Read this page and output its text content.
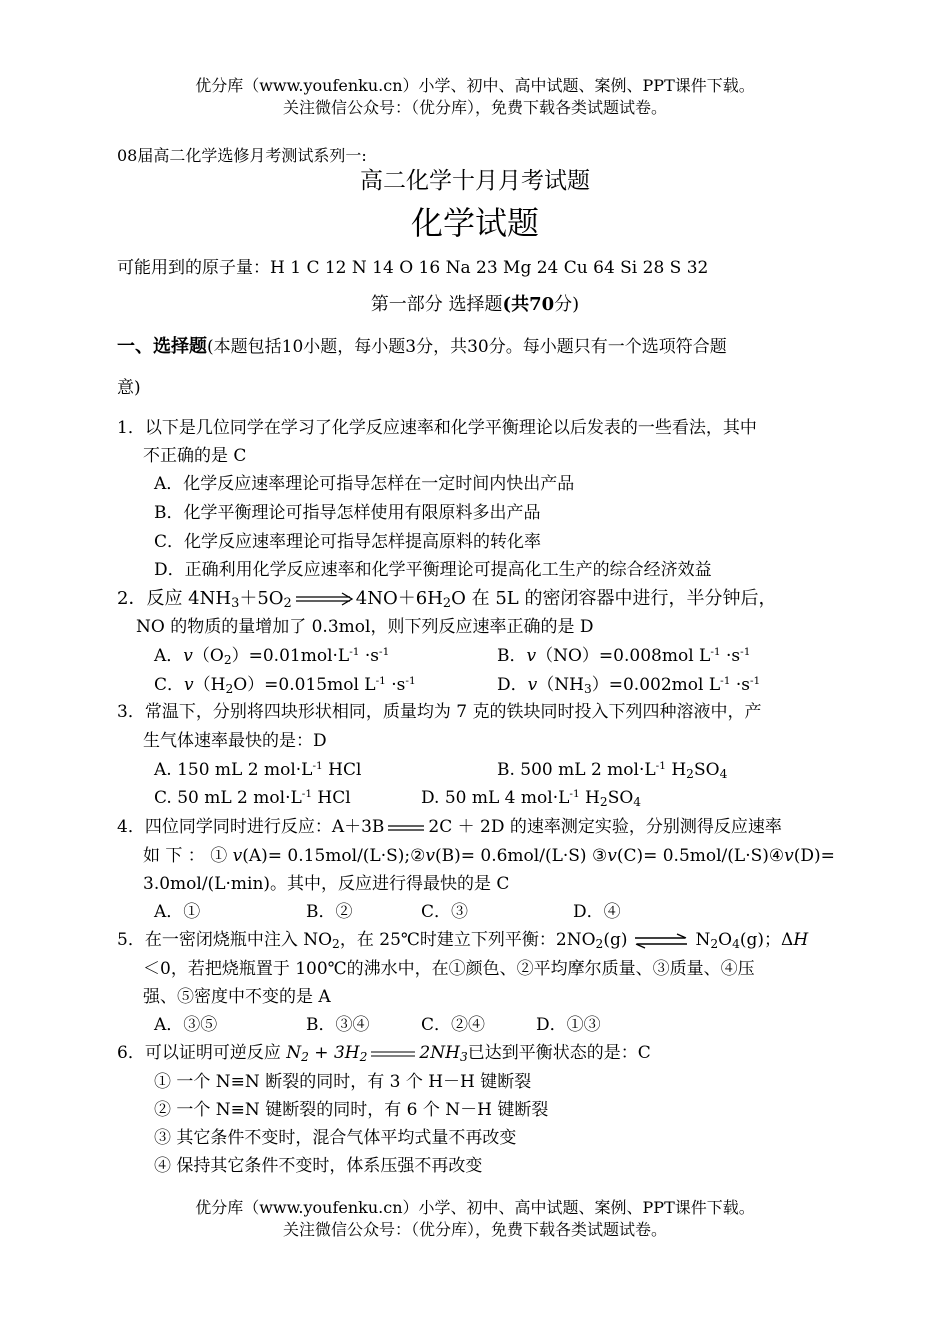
优分库（www.youfenku.cn）小学、初中、高中试题、案例、PPT课件下载。
关注微信公众号：（优分库），免费下载各类试题试卷。
08届高二化学选修月考测试系列一:
高二化学十月月考试题
化学试题
可能用到的原子量：H 1 C 12 N 14 O 16 Na 23 Mg 24 Cu 64 Si 28 S 32
第一部分 选择题(共70分)
一、选择题(本题包括10小题，每小题3分，共30分。每小题只有一个选项符合题
意)
1．以下是几位同学在学习了化学反应速率和化学平衡理论以后发表的一些看法，其中
不正确的是 C
A．化学反应速率理论可指导怎样在一定时间内快出产品
B．化学平衡理论可指导怎样使用有限原料多出产品
C．化学反应速率理论可指导怎样提高原料的转化率
D．正确利用化学反应速率和化学平衡理论可提高化工生产的综合经济效益
2．反应 $4NH_3+5O_2$	$4NO+6H_2O$ 在 5L 的密闭容器中进行，半分钟后，
NO 的物质的量增加了 0.3mol，则下列反应速率正确的是 D
A．$v(O_2)=0.01mol\cdot L^{-1} \cdot s^{-1}$	B．v（NO）=0.008mol $L^{-1} \cdot s^{-1}$
C．$v(H_2O)=0.015mol$ $L^{-1} \cdot s^{-1}$	D．$v(NH_3)=0.002mol$ $L^{-1} \cdot s^{-1}$
3．常温下，分别将四块形状相同，质量均为 7 克的铁块同时投入下列四种溶液中，产
生气体速率最快的是：D
A. 150 mL 2 $mol\cdot L^{-1}$ HCl	B. 500 mL 2 $mol\cdot L^{-1}$ $H_2SO_4$
C. 50 mL 2 $mol\cdot L^{-1}$ HCl	D. 50 mL 4 $mol\cdot L^{-1}$ $H_2SO_4$
4．四位同学同时进行反应：A＋3B	2C ＋ 2D 的速率测定实验，分别测得反应速率
如 下 ： ① v(A)= 0.15mol/(L·S);②v(B)= 0.6mol/(L·S) ③v(C)= 0.5mol/(L·S)④v(D)=
3.0mol/(L·min)。其中，反应进行得最快的是 C
A．①	B．②	C．③	D．④
5．在一密闭烧瓶中注入 $NO_2$，在 25℃时建立下列平衡：$2NO_2(g)$ ⇌ $N_2O_4(g)$；ΔH
＜0，若把烧瓶置于 100℃的沸水中，在①颜色、②平均摩尔质量、③质量、④压
强、⑤密度中不变的是 A
A．③⑤	B．③④	C．②④	D．①③
6．可以证明可逆反应 $N_2 + 3H_2$	$2NH_3$已达到平衡状态的是：C
① 一个 N≡N 断裂的同时，有 3 个 H－H 键断裂
② 一个 N≡N 键断裂的同时，有 6 个 N－H 键断裂
③ 其它条件不变时，混合气体平均式量不再改变
④ 保持其它条件不变时，体系压强不再改变
优分库（www.youfenku.cn）小学、初中、高中试题、案例、PPT课件下载。
关注微信公众号：（优分库），免费下载各类试题试卷。
